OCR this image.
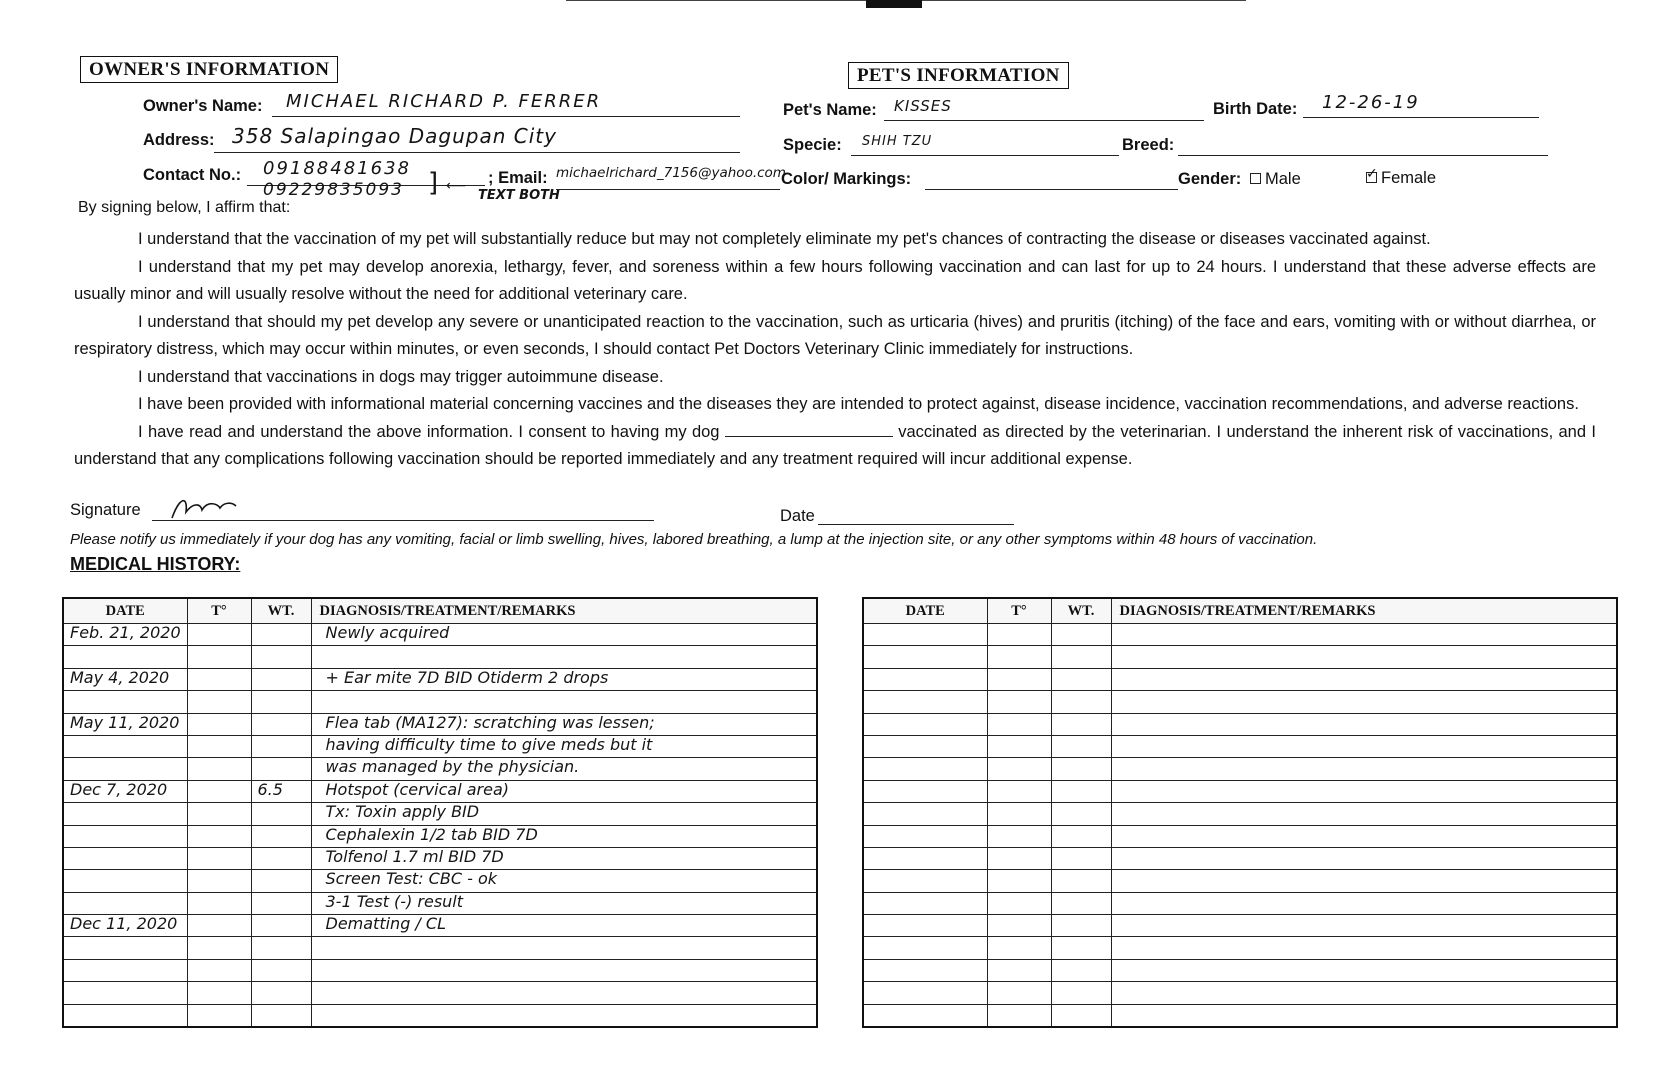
OWNER'S INFORMATION
Owner's Name: MICHAEL RICHARD P. FERRER
Address: 358 Salapingao Dagupan City
Contact No.: 09188481638
09229835093 ] ⟵
TEXT BOTH
; Email: michaelrichard_7156@yahoo.com
PET'S INFORMATION
Pet's Name: KISSES	Birth Date: 12-26-19
Specie: SHIH TZU	Breed:
Color/ Markings:	Gender:	Male ✓	Female
By signing below, I affirm that:

I understand that the vaccination of my pet will substantially reduce but may not completely eliminate my pet's chances of contracting the disease or diseases vaccinated against.

I understand that my pet may develop anorexia, lethargy, fever, and soreness within a few hours following vaccination and can last for up to 24 hours. I understand that these adverse effects are usually minor and will usually resolve without the need for additional veterinary care.

I understand that should my pet develop any severe or unanticipated reaction to the vaccination, such as urticaria (hives) and pruritis (itching) of the face and ears, vomiting with or without diarrhea, or respiratory distress, which may occur within minutes, or even seconds, I should contact Pet Doctors Veterinary Clinic immediately for instructions.

I understand that vaccinations in dogs may trigger autoimmune disease.

I have been provided with informational material concerning vaccines and the diseases they are intended to protect against, disease incidence, vaccination recommendations, and adverse reactions.

I have read and understand the above information. I consent to having my dog	vaccinated as directed by the veterinarian. I understand the inherent risk of vaccinations, and I understand that any complications following vaccination should be reported immediately and any treatment required will incur additional expense.

Signature	Date
Please notify us immediately if your dog has any vomiting, facial or limb swelling, hives, labored breathing, a lump at the injection site, or any other symptoms within 48 hours of vaccination.
MEDICAL HISTORY:
DATE	T°	WT.	DIAGNOSIS/TREATMENT/REMARKS

Feb. 21, 2020			Newly acquired

May 4, 2020			+ Ear mite 7D BID Otiderm 2 drops

May 11, 2020			Flea tab (MA127): scratching was lessen;

			having difficulty time to give meds but it

			was managed by the physician.

Dec 7, 2020		6.5	Hotspot (cervical area)

			Tx: Toxin apply BID

			Cephalexin 1/2 tab BID 7D

			Tolfenol 1.7 ml BID 7D

			Screen Test: CBC - ok

			3-1 Test (-) result

Dec 11, 2020			Dematting / CL

DATE	T°	WT.	DIAGNOSIS/TREATMENT/REMARKS
